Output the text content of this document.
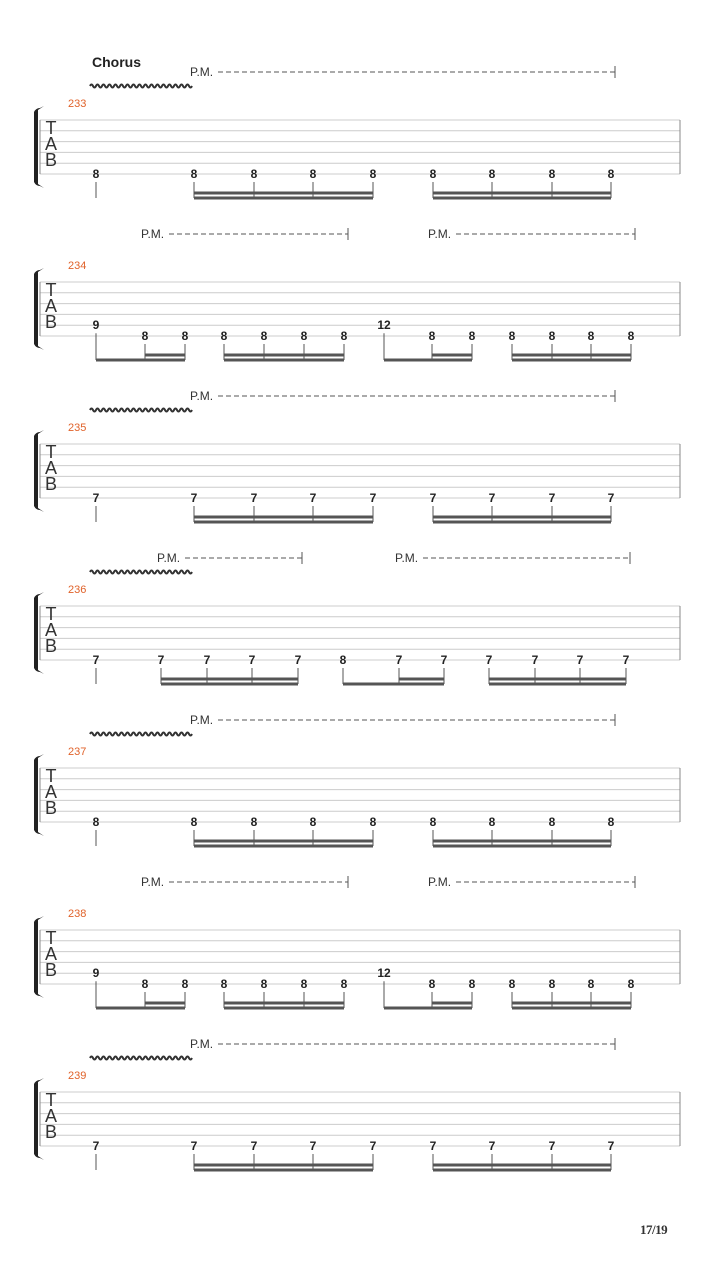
Chorus
T
A
B
233
P.M.
8	8	8	8	8	8	8	8	8
T
A
B
234
P.M.	P.M.
9
8	8	8	8	8	8
12
8	8	8	8	8	8
T
A
B
235
P.M.
7	7	7	7	7	7	7	7	7
T
A
B
236
P.M.	P.M.
7	7	7	7	7	8	7	7	7	7	7	7
T
A
B
237
P.M.
8	8	8	8	8	8	8	8	8
T
A
B
238
P.M.	P.M.
9
8	8	8	8	8	8
12
8	8	8	8	8	8
T
A
B
239
P.M.
7	7	7	7	7	7	7	7	7
17/19
